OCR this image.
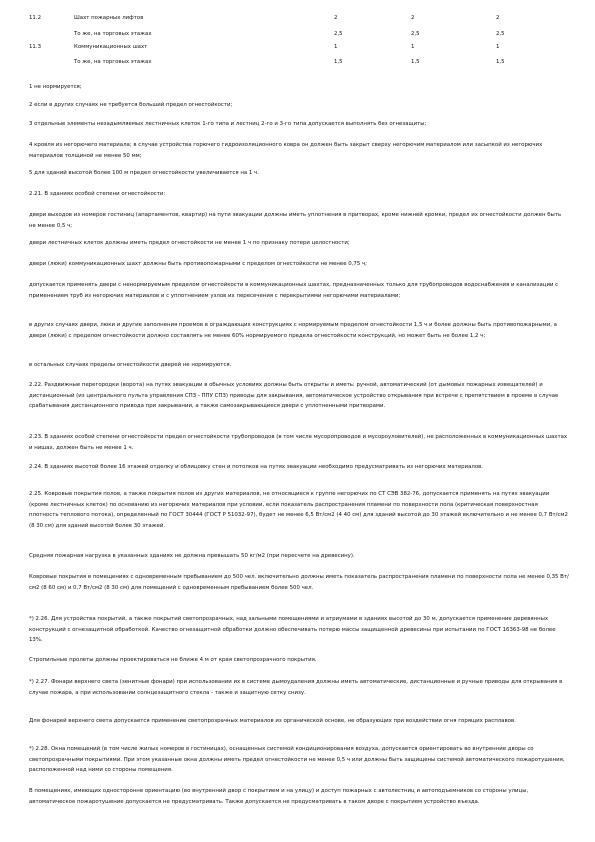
11.2	Шахт пожарных лифтов	2	2	2
То же, на торговых этажах	2,5	2,5	2,5
11.3	Коммуникационных шахт	1	1	1
То же, на торговых этажах	1,5	1,5	1,5

1 не нормируется;

2 если в других случаях не требуется больший предел огнестойкости;

3 отдельные элементы незадымляемых лестничных клеток 1-го типа и лестниц 2-го и 3-го типа допускается выполнять без огнезащиты;

4 кровля из негорючего материала; в случае устройства горючего гидроизоляционного ковра он должен быть закрыт сверху негорючим материалом или засыпкой из негорючих материалов толщиной не менее 50 мм;

5 для зданий высотой более 100 м предел огнестойкости увеличивается на 1 ч.

2.21. В зданиях особой степени огнестойкости:

двери выходов из номеров гостиниц (апартаментов, квартир) на пути эвакуации должны иметь уплотнения в притворах, кроме нижней кромки, предел их огнестойкости должен быть не менее 0,5 ч;

двери лестничных клеток должны иметь предел огнестойкости не менее 1 ч по признаку потери целостности;

двери (люки) коммуникационных шахт должны быть противопожарными с пределом огнестойкости не менее 0,75 ч;

допускается применять двери с ненормируемым пределом огнестойкости в коммуникационных шахтах, предназначенных только для трубопроводов водоснабжения и канализации с применением труб из негорючих материалов и с уплотнением узлов их пересечения с перекрытиями негорючими материалами;

в других случаях двери, люки и другие заполнения проемов в ограждающих конструкциях с нормируемым пределом огнестойкости 1,5 ч и более должны быть противопожарными, а двери (люки) с пределом огнестойкости должно составлять не менее 60% нормируемого предела огнестойкости конструкций, но может быть не более 1,2 ч;

в остальных случаях пределы огнестойкости дверей не нормируются.

2.22. Раздвижные перегородки (ворота) на путях эвакуации в обычных условиях должны быть открыты и иметь: ручной, автоматический (от дымовых пожарных извещателей) и дистанционный (из центрального пульта управления СПЗ - ППУ СПЗ) приводы для закрывания, автоматическое устройство открывания при встрече с препятствием в проеме в случае срабатывания дистанционного привода при закрывании, а также самозакрывающиеся двери с уплотненными притворами.

2.23. В зданиях особой степени огнестойкости предел огнестойкости трубопроводов (в том числе мусоропроводов и мусороуловителей), не расположенных в коммуникационных шахтах и нишах, должен быть не менее 1 ч.

2.24. В зданиях высотой более 16 этажей отделку и облицовку стен и потолков на путях эвакуации необходимо предусматривать из негорючих материалов.

2.25. Ковровые покрытия полов, а также покрытия полов из других материалов, не относящиеся к группе негорючих по СТ СЭВ 382-76, допускается применять на путях эвакуации (кроме лестничных клеток) по основанию из негорючих материалов при условии, если показатель распространения пламени по поверхности пола (критическая поверхностная плотность теплового потока), определенный по ГОСТ 30444 (ГОСТ Р 51032-97), будет не менее 6,5 Вт/см2 (4 40 см) для зданий высотой до 30 этажей включительно и не менее 0,7 Вт/см2 (8 30 см) для зданий высотой более 30 этажей.

Средняя пожарная нагрузка в указанных зданиях не должна превышать 50 кг/м2 (при пересчете на древесину).

Ковровые покрытия в помещениях с одновременным пребыванием до 500 чел. включительно должны иметь показатель распространения пламени по поверхности пола не менее 0,35 Вт/см2 (8 60 см) и 0,7 Вт/см2 (8 30 см) для помещений с одновременным пребыванием более 500 чел.

*) 2.26. Для устройства покрытий, а также покрытий светопрозрачных, над зальными помещениями и атриумами в зданиях высотой до 30 м, допускается применение деревянных конструкций с огнезащитной обработкой. Качество огнезащитной обработки должно обеспечивать потерю массы защищенной древесины при испытании по ГОСТ 16363-98 не более 13%.

Стропильные пролеты должны проектироваться не ближе 4 м от края светопрозрачного покрытия.

*) 2.27. Фонари верхнего света (зенитные фонари) при использовании их в системе дымоудаления должны иметь автоматические, дистанционные и ручные приводы для открывания в случае пожара, а при использовании солнцезащитного стекла - также и защитную сетку снизу.

Для фонарей верхнего света допускается применение светопрозрачных материалов из органической основе, не образующих при воздействии огня горящих расплавов.

*) 2.28. Окна помещений (в том числе жилых номеров в гостиницах), оснащенных системой кондиционирования воздуха, допускается ориентировать во внутренние дворы со светопрозрачными покрытиями. При этом указанные окна должны иметь предел огнестойкости не менее 0,5 ч или должны быть защищены системой автоматического пожаротушения, расположенной над ними со стороны помещения.

В помещениях, имеющих односторонне ориентацию (во внутренний двор с покрытием и на улицу) и доступ пожарных с автолестниц и автоподъемников со стороны улицы, автоматическое пожаротушение допускается не предусматривать. Также допускается не предусматривать в таком дворе с покрытием устройство въезда.
